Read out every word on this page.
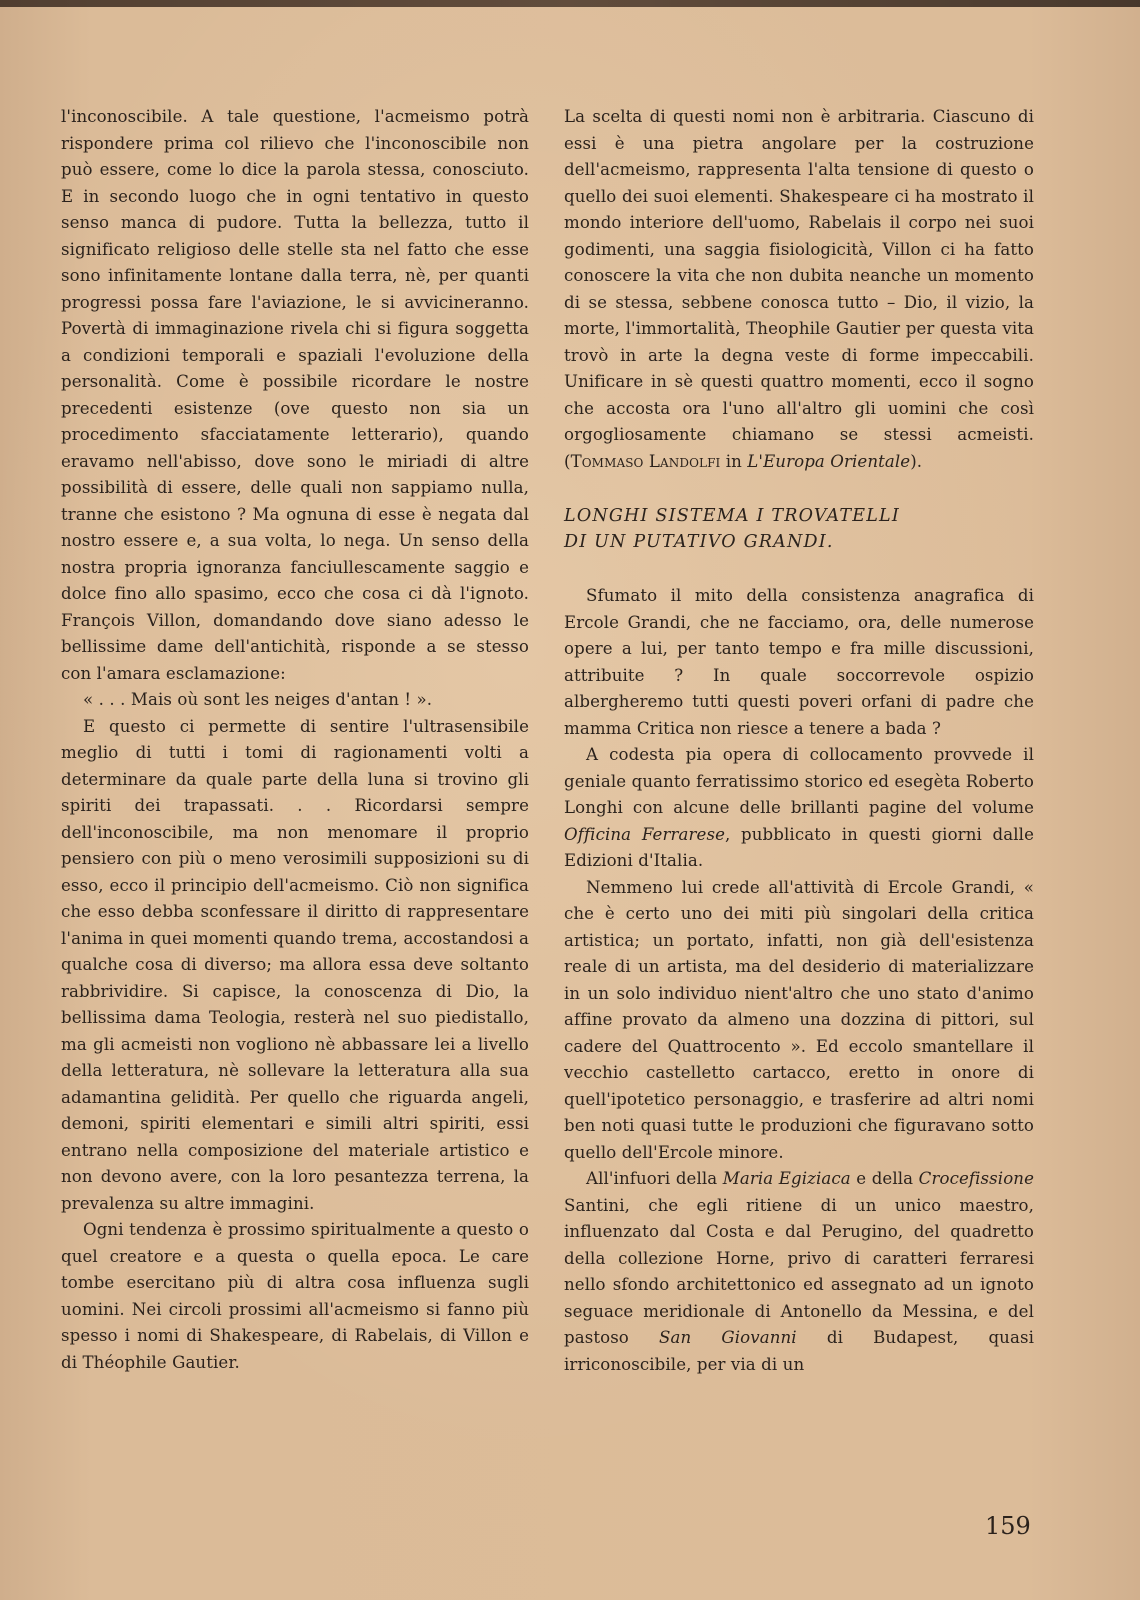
l'inconoscibile. A tale questione, l'acmeismo potrà rispondere prima col rilievo che l'inconoscibile non può essere, come lo dice la parola stessa, conosciuto. E in secondo luogo che in ogni tentativo in questo senso manca di pudore. Tutta la bellezza, tutto il significato religioso delle stelle sta nel fatto che esse sono infinitamente lontane dalla terra, nè, per quanti progressi possa fare l'aviazione, le si avvicineranno. Povertà di immaginazione rivela chi si figura soggetta a condizioni temporali e spaziali l'evoluzione della personalità. Come è possibile ricordare le nostre precedenti esistenze (ove questo non sia un procedimento sfacciatamente letterario), quando eravamo nell'abisso, dove sono le miriadi di altre possibilità di essere, delle quali non sappiamo nulla, tranne che esistono ? Ma ognuna di esse è negata dal nostro essere e, a sua volta, lo nega. Un senso della nostra propria ignoranza fanciullescamente saggio e dolce fino allo spasimo, ecco che cosa ci dà l'ignoto. François Villon, domandando dove siano adesso le bellissime dame dell'antichità, risponde a se stesso con l'amara esclamazione:

« . . . Mais où sont les neiges d'antan ! ».

E questo ci permette di sentire l'ultrasensibile meglio di tutti i tomi di ragionamenti volti a determinare da quale parte della luna si trovino gli spiriti dei trapassati. . . Ricordarsi sempre dell'inconoscibile, ma non menomare il proprio pensiero con più o meno verosimili supposizioni su di esso, ecco il principio dell'acmeismo. Ciò non significa che esso debba sconfessare il diritto di rappresentare l'anima in quei momenti quando trema, accostandosi a qualche cosa di diverso; ma allora essa deve soltanto rabbrividire. Si capisce, la conoscenza di Dio, la bellissima dama Teologia, resterà nel suo piedistallo, ma gli acmeisti non vogliono nè abbassare lei a livello della letteratura, nè sollevare la letteratura alla sua adamantina gelidità. Per quello che riguarda angeli, demoni, spiriti elementari e simili altri spiriti, essi entrano nella composizione del materiale artistico e non devono avere, con la loro pesantezza terrena, la prevalenza su altre immagini.

Ogni tendenza è prossimo spiritualmente a questo o quel creatore e a questa o quella epoca. Le care tombe esercitano più di altra cosa influenza sugli uomini. Nei circoli prossimi all'acmeismo si fanno più spesso i nomi di Shakespeare, di Rabelais, di Villon e di Théophile Gautier.

La scelta di questi nomi non è arbitraria. Ciascuno di essi è una pietra angolare per la costruzione dell'acmeismo, rappresenta l'alta tensione di questo o quello dei suoi elementi. Shakespeare ci ha mostrato il mondo interiore dell'uomo, Rabelais il corpo nei suoi godimenti, una saggia fisiologicità, Villon ci ha fatto conoscere la vita che non dubita neanche un momento di se stessa, sebbene conosca tutto – Dio, il vizio, la morte, l'immortalità, Theophile Gautier per questa vita trovò in arte la degna veste di forme impeccabili. Unificare in sè questi quattro momenti, ecco il sogno che accosta ora l'uno all'altro gli uomini che così orgogliosamente chiamano se stessi acmeisti. (Tommaso Landolfi in L'Europa Orientale).

LONGHI SISTEMA I TROVATELLI
DI UN PUTATIVO GRANDI.

Sfumato il mito della consistenza anagrafica di Ercole Grandi, che ne facciamo, ora, delle numerose opere a lui, per tanto tempo e fra mille discussioni, attribuite ? In quale soccorrevole ospizio albergheremo tutti questi poveri orfani di padre che mamma Critica non riesce a tenere a bada ?

A codesta pia opera di collocamento provvede il geniale quanto ferratissimo storico ed esegèta Roberto Longhi con alcune delle brillanti pagine del volume Officina Ferrarese, pubblicato in questi giorni dalle Edizioni d'Italia.

Nemmeno lui crede all'attività di Ercole Grandi, « che è certo uno dei miti più singolari della critica artistica; un portato, infatti, non già dell'esistenza reale di un artista, ma del desiderio di materializzare in un solo individuo nient'altro che uno stato d'animo affine provato da almeno una dozzina di pittori, sul cadere del Quattrocento ». Ed eccolo smantellare il vecchio castelletto cartacco, eretto in onore di quell'ipotetico personaggio, e trasferire ad altri nomi ben noti quasi tutte le produzioni che figuravano sotto quello dell'Ercole minore.

All'infuori della Maria Egiziaca e della Crocefissione Santini, che egli ritiene di un unico maestro, influenzato dal Costa e dal Perugino, del quadretto della collezione Horne, privo di caratteri ferraresi nello sfondo architettonico ed assegnato ad un ignoto seguace meridionale di Antonello da Messina, e del pastoso San Giovanni di Budapest, quasi irriconoscibile, per via di un

159
